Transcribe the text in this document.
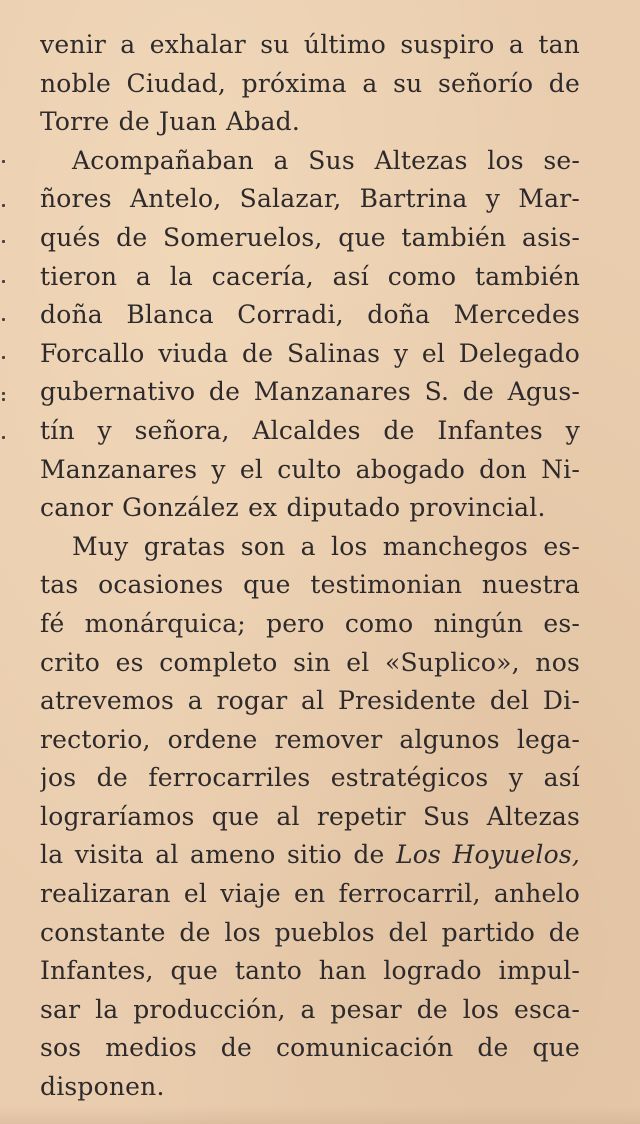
venir a exhalar su último suspiro a tan
noble Ciudad, próxima a su señorío de
Torre de Juan Abad.
Acompañaban a Sus Altezas los se-
ñores Antelo, Salazar, Bartrina y Mar-
qués de Someruelos, que también asis-
tieron a la cacería, así como también
doña Blanca Corradi, doña Mercedes
Forcallo viuda de Salinas y el Delegado
gubernativo de Manzanares S. de Agus-
tín y señora, Alcaldes de Infantes y
Manzanares y el culto abogado don Ni-
canor González ex diputado provincial.
Muy gratas son a los manchegos es-
tas ocasiones que testimonian nuestra
fé monárquica; pero como ningún es-
crito es completo sin el «Suplico», nos
atrevemos a rogar al Presidente del Di-
rectorio, ordene remover algunos lega-
jos de ferrocarriles estratégicos y así
lograríamos que al repetir Sus Altezas
la visita al ameno sitio de Los Hoyuelos,
realizaran el viaje en ferrocarril, anhelo
constante de los pueblos del partido de
Infantes, que tanto han logrado impul-
sar la producción, a pesar de los esca-
sos medios de comunicación de que
disponen.
